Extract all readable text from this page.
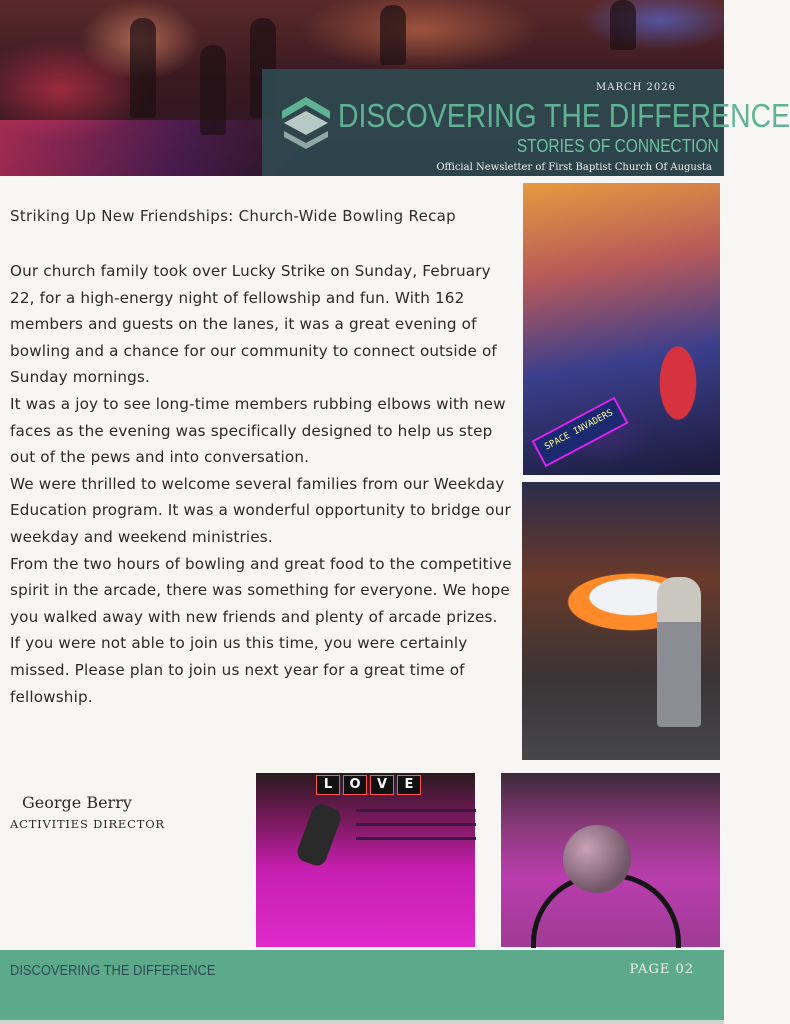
MARCH 2026
DISCOVERING THE DIFFERENCE
STORIES OF CONNECTION
Official Newsletter of First Baptist Church Of Augusta
Striking Up New Friendships: Church-Wide Bowling Recap

Our church family took over Lucky Strike on Sunday, February 22, for a high-energy night of fellowship and fun. With 162 members and guests on the lanes, it was a great evening of bowling and a chance for our community to connect outside of Sunday mornings.

It was a joy to see long-time members rubbing elbows with new faces as the evening was specifically designed to help us step out of the pews and into conversation.

We were thrilled to welcome several families from our Weekday Education program. It was a wonderful opportunity to bridge our weekday and weekend ministries.

From the two hours of bowling and great food to the competitive spirit in the arcade, there was something for everyone. We hope you walked away with new friends and plenty of arcade prizes.

If you were not able to join us this time, you were certainly missed. Please plan to join us next year for a great time of fellowship.

SPACE INVADERS
L	O	V	E
George Berry
ACTIVITIES DIRECTOR
DISCOVERING THE DIFFERENCE	PAGE 02
